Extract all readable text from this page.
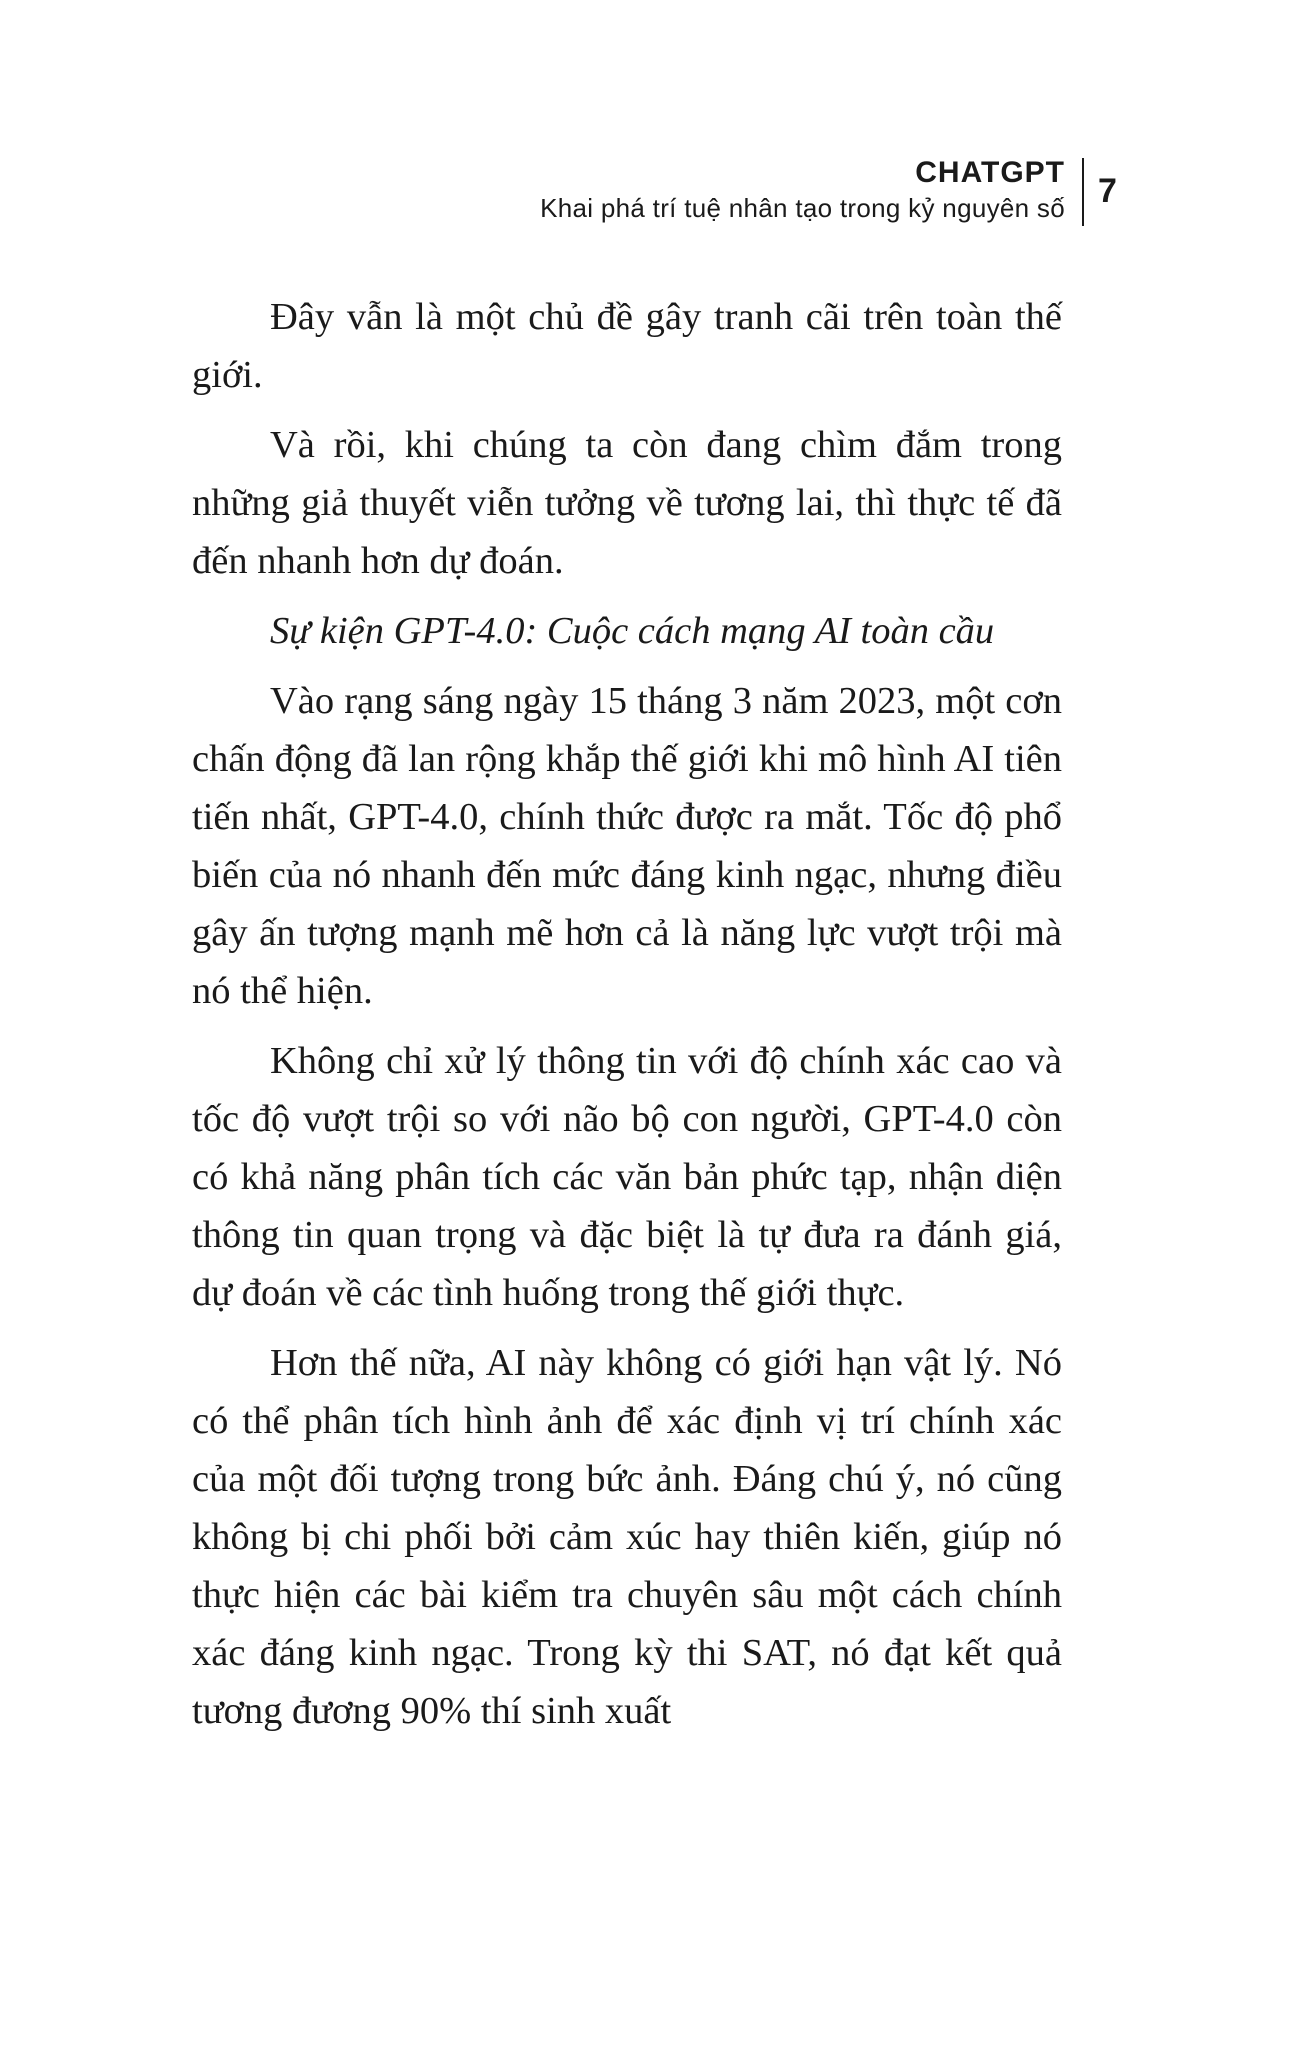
CHATGPT
Khai phá trí tuệ nhân tạo trong kỷ nguyên số 7

Đây vẫn là một chủ đề gây tranh cãi trên toàn thế giới.

Và rồi, khi chúng ta còn đang chìm đắm trong những giả thuyết viễn tưởng về tương lai, thì thực tế đã đến nhanh hơn dự đoán.

Sự kiện GPT-4.0: Cuộc cách mạng AI toàn cầu

Vào rạng sáng ngày 15 tháng 3 năm 2023, một cơn chấn động đã lan rộng khắp thế giới khi mô hình AI tiên tiến nhất, GPT-4.0, chính thức được ra mắt. Tốc độ phổ biến của nó nhanh đến mức đáng kinh ngạc, nhưng điều gây ấn tượng mạnh mẽ hơn cả là năng lực vượt trội mà nó thể hiện.

Không chỉ xử lý thông tin với độ chính xác cao và tốc độ vượt trội so với não bộ con người, GPT-4.0 còn có khả năng phân tích các văn bản phức tạp, nhận diện thông tin quan trọng và đặc biệt là tự đưa ra đánh giá, dự đoán về các tình huống trong thế giới thực.

Hơn thế nữa, AI này không có giới hạn vật lý. Nó có thể phân tích hình ảnh để xác định vị trí chính xác của một đối tượng trong bức ảnh. Đáng chú ý, nó cũng không bị chi phối bởi cảm xúc hay thiên kiến, giúp nó thực hiện các bài kiểm tra chuyên sâu một cách chính xác đáng kinh ngạc. Trong kỳ thi SAT, nó đạt kết quả tương đương 90% thí sinh xuất
